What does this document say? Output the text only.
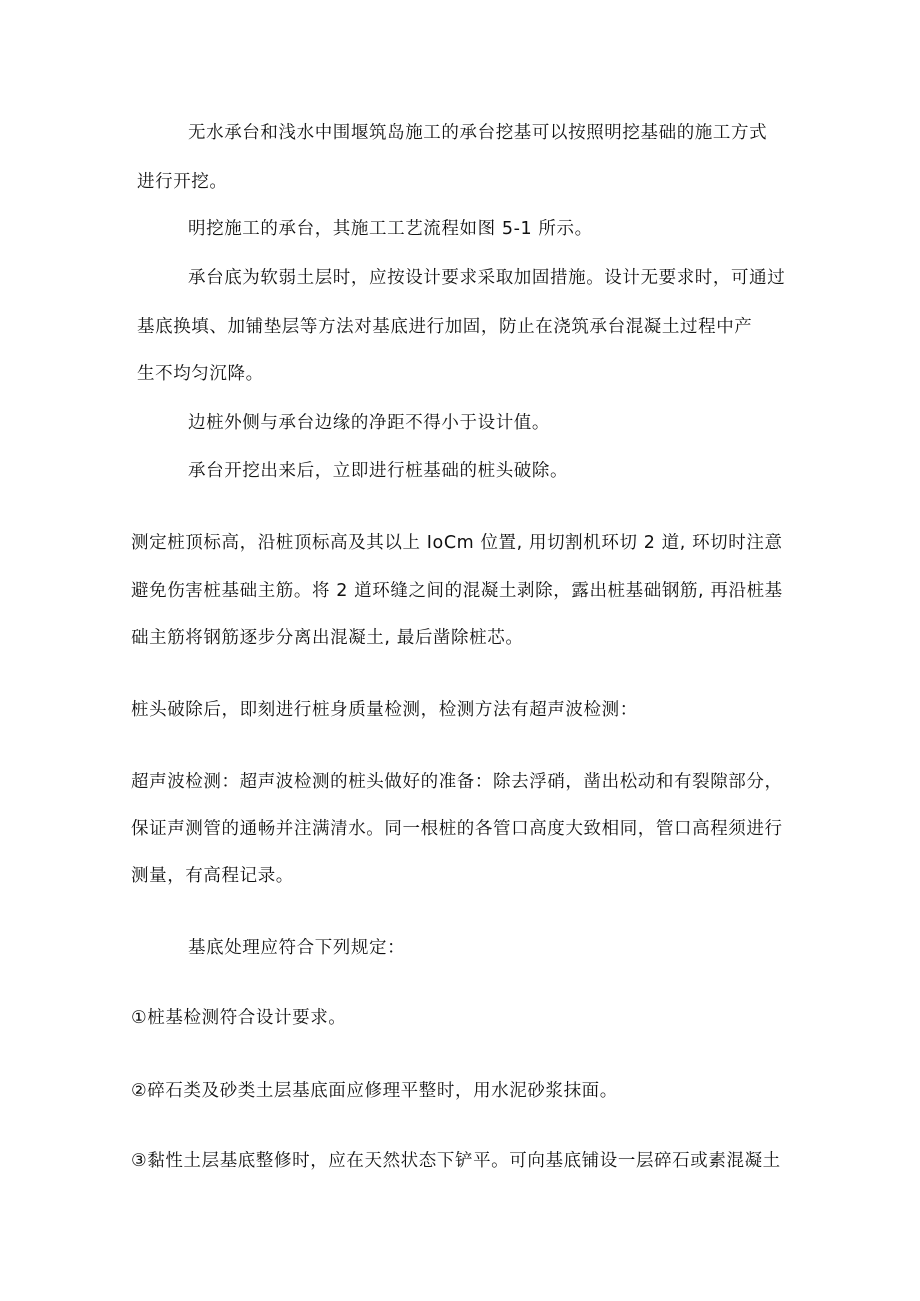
无水承台和浅水中围堰筑岛施工的承台挖基可以按照明挖基础的施工方式
进行开挖。
明挖施工的承台，其施工工艺流程如图 5-1 所示。
承台底为软弱土层时，应按设计要求采取加固措施。设计无要求时，可通过
基底换填、加铺垫层等方法对基底进行加固，防止在浇筑承台混凝土过程中产
生不均匀沉降。
边桩外侧与承台边缘的净距不得小于设计值。
承台开挖出来后，立即进行桩基础的桩头破除。
测定桩顶标高，沿桩顶标高及其以上 IoCm 位置, 用切割机环切 2 道, 环切时注意
避免伤害桩基础主筋。将 2 道环缝之间的混凝土剥除，露出桩基础钢筋, 再沿桩基
础主筋将钢筋逐步分离出混凝土, 最后凿除桩芯。
桩头破除后，即刻进行桩身质量检测，检测方法有超声波检测：
超声波检测：超声波检测的桩头做好的准备：除去浮硝，凿出松动和有裂隙部分，
保证声测管的通畅并注满清水。同一根桩的各管口高度大致相同，管口高程须进行
测量，有高程记录。
基底处理应符合下列规定：
①桩基检测符合设计要求。
②碎石类及砂类土层基底面应修理平整时，用水泥砂浆抹面。
③黏性土层基底整修时，应在天然状态下铲平。可向基底铺设一层碎石或素混凝土
